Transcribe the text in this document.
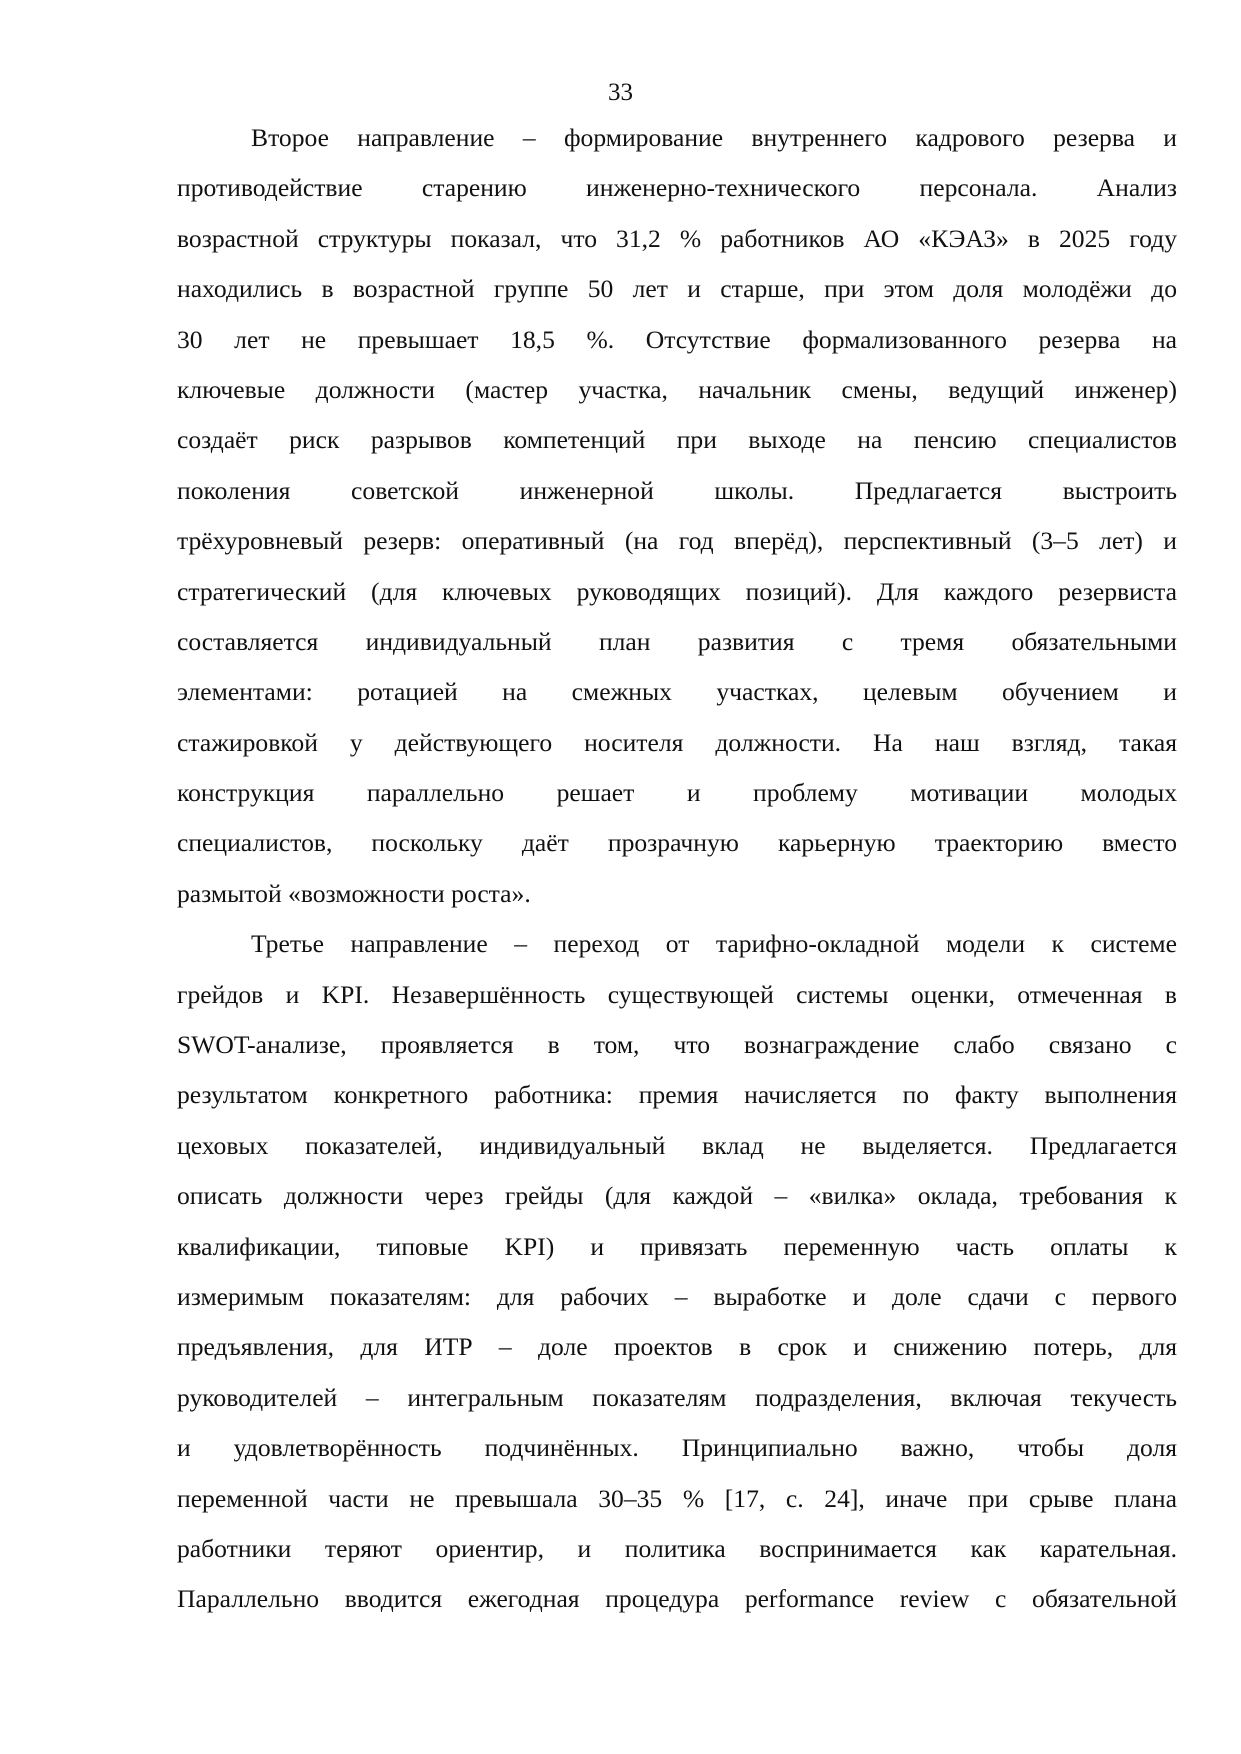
33
Второе направление – формирование внутреннего кадрового резерва и
противодействие старению инженерно-технического персонала. Анализ
возрастной структуры показал, что 31,2 % работников АО «КЭАЗ» в 2025 году
находились в возрастной группе 50 лет и старше, при этом доля молодёжи до
30 лет не превышает 18,5 %. Отсутствие формализованного резерва на
ключевые должности (мастер участка, начальник смены, ведущий инженер)
создаёт риск разрывов компетенций при выходе на пенсию специалистов
поколения советской инженерной школы. Предлагается выстроить
трёхуровневый резерв: оперативный (на год вперёд), перспективный (3–5 лет) и
стратегический (для ключевых руководящих позиций). Для каждого резервиста
составляется индивидуальный план развития с тремя обязательными
элементами: ротацией на смежных участках, целевым обучением и
стажировкой у действующего носителя должности. На наш взгляд, такая
конструкция параллельно решает и проблему мотивации молодых
специалистов, поскольку даёт прозрачную карьерную траекторию вместо
размытой «возможности роста».
Третье направление – переход от тарифно-окладной модели к системе
грейдов и KPI. Незавершённость существующей системы оценки, отмеченная в
SWOT-анализе, проявляется в том, что вознаграждение слабо связано с
результатом конкретного работника: премия начисляется по факту выполнения
цеховых показателей, индивидуальный вклад не выделяется. Предлагается
описать должности через грейды (для каждой – «вилка» оклада, требования к
квалификации, типовые KPI) и привязать переменную часть оплаты к
измеримым показателям: для рабочих – выработке и доле сдачи с первого
предъявления, для ИТР – доле проектов в срок и снижению потерь, для
руководителей – интегральным показателям подразделения, включая текучесть
и удовлетворённость подчинённых. Принципиально важно, чтобы доля
переменной части не превышала 30–35 % [17, с. 24], иначе при срыве плана
работники теряют ориентир, и политика воспринимается как карательная.
Параллельно вводится ежегодная процедура performance review с обязательной
